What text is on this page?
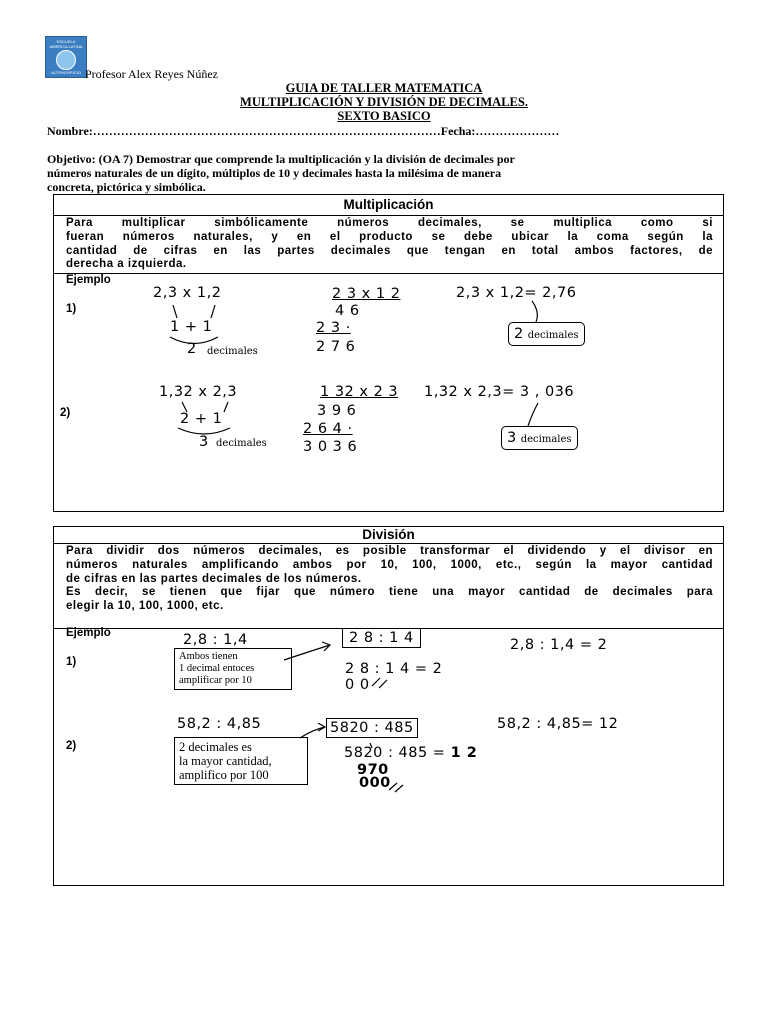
ESCUELA
AMERICA LATINA
ALTOHOSPICIO Profesor Alex Reyes Núñez
GUIA DE TALLER MATEMATICA
MULTIPLICACIÓN Y DIVISIÓN DE DECIMALES.
SEXTO BASICO
Nombre:……………………………………………………………………………Fecha:…………………
Objetivo: (OA 7) Demostrar que comprende la multiplicación y la división de decimales por
números naturales de un dígito, múltiplos de 10 y decimales hasta la milésima de manera
concreta, pictórica y simbólica.
Multiplicación
Para multiplicar simbólicamente números decimales, se multiplica como si
fueran números naturales, y en el producto se debe ubicar la coma según la
cantidad de cifras en las partes decimales que tengan en total ambos factores, de
derecha a izquierda.
Ejemplo
1)
2,3 x 1,2
1 + 1
2 decimales
2 3 x 1 2
4 6
2 3 ·
2 7 6
2,3 x 1,2= 2,76
2 decimales
2)
1,32 x 2,3
2 + 1
3 decimales
1 32 x 2 3
3 9 6
2 6 4 ·
3 0 3 6
1,32 x 2,3= 3 , 036
3 decimales
División
Para dividir dos números decimales, es posible transformar el dividendo y el divisor en
números naturales amplificando ambos por 10, 100, 1000, etc., según la mayor cantidad
de cifras en las partes decimales de los números.
Es decir, se tienen que fijar que número tiene una mayor cantidad de decimales para
elegir la 10, 100, 1000, etc.
Ejemplo
1)
2,8 : 1,4
Ambos tienen
1 decimal entoces
amplificar por 10
2 8 : 1 4
2 8 : 1 4 = 2
0 0
2,8 : 1,4 = 2
2)
58,2 : 4,85
2 decimales es
la mayor cantidad,
amplifico por 100
5820 : 485
5820 : 485 = 1 2
970
000
58,2 : 4,85= 12
